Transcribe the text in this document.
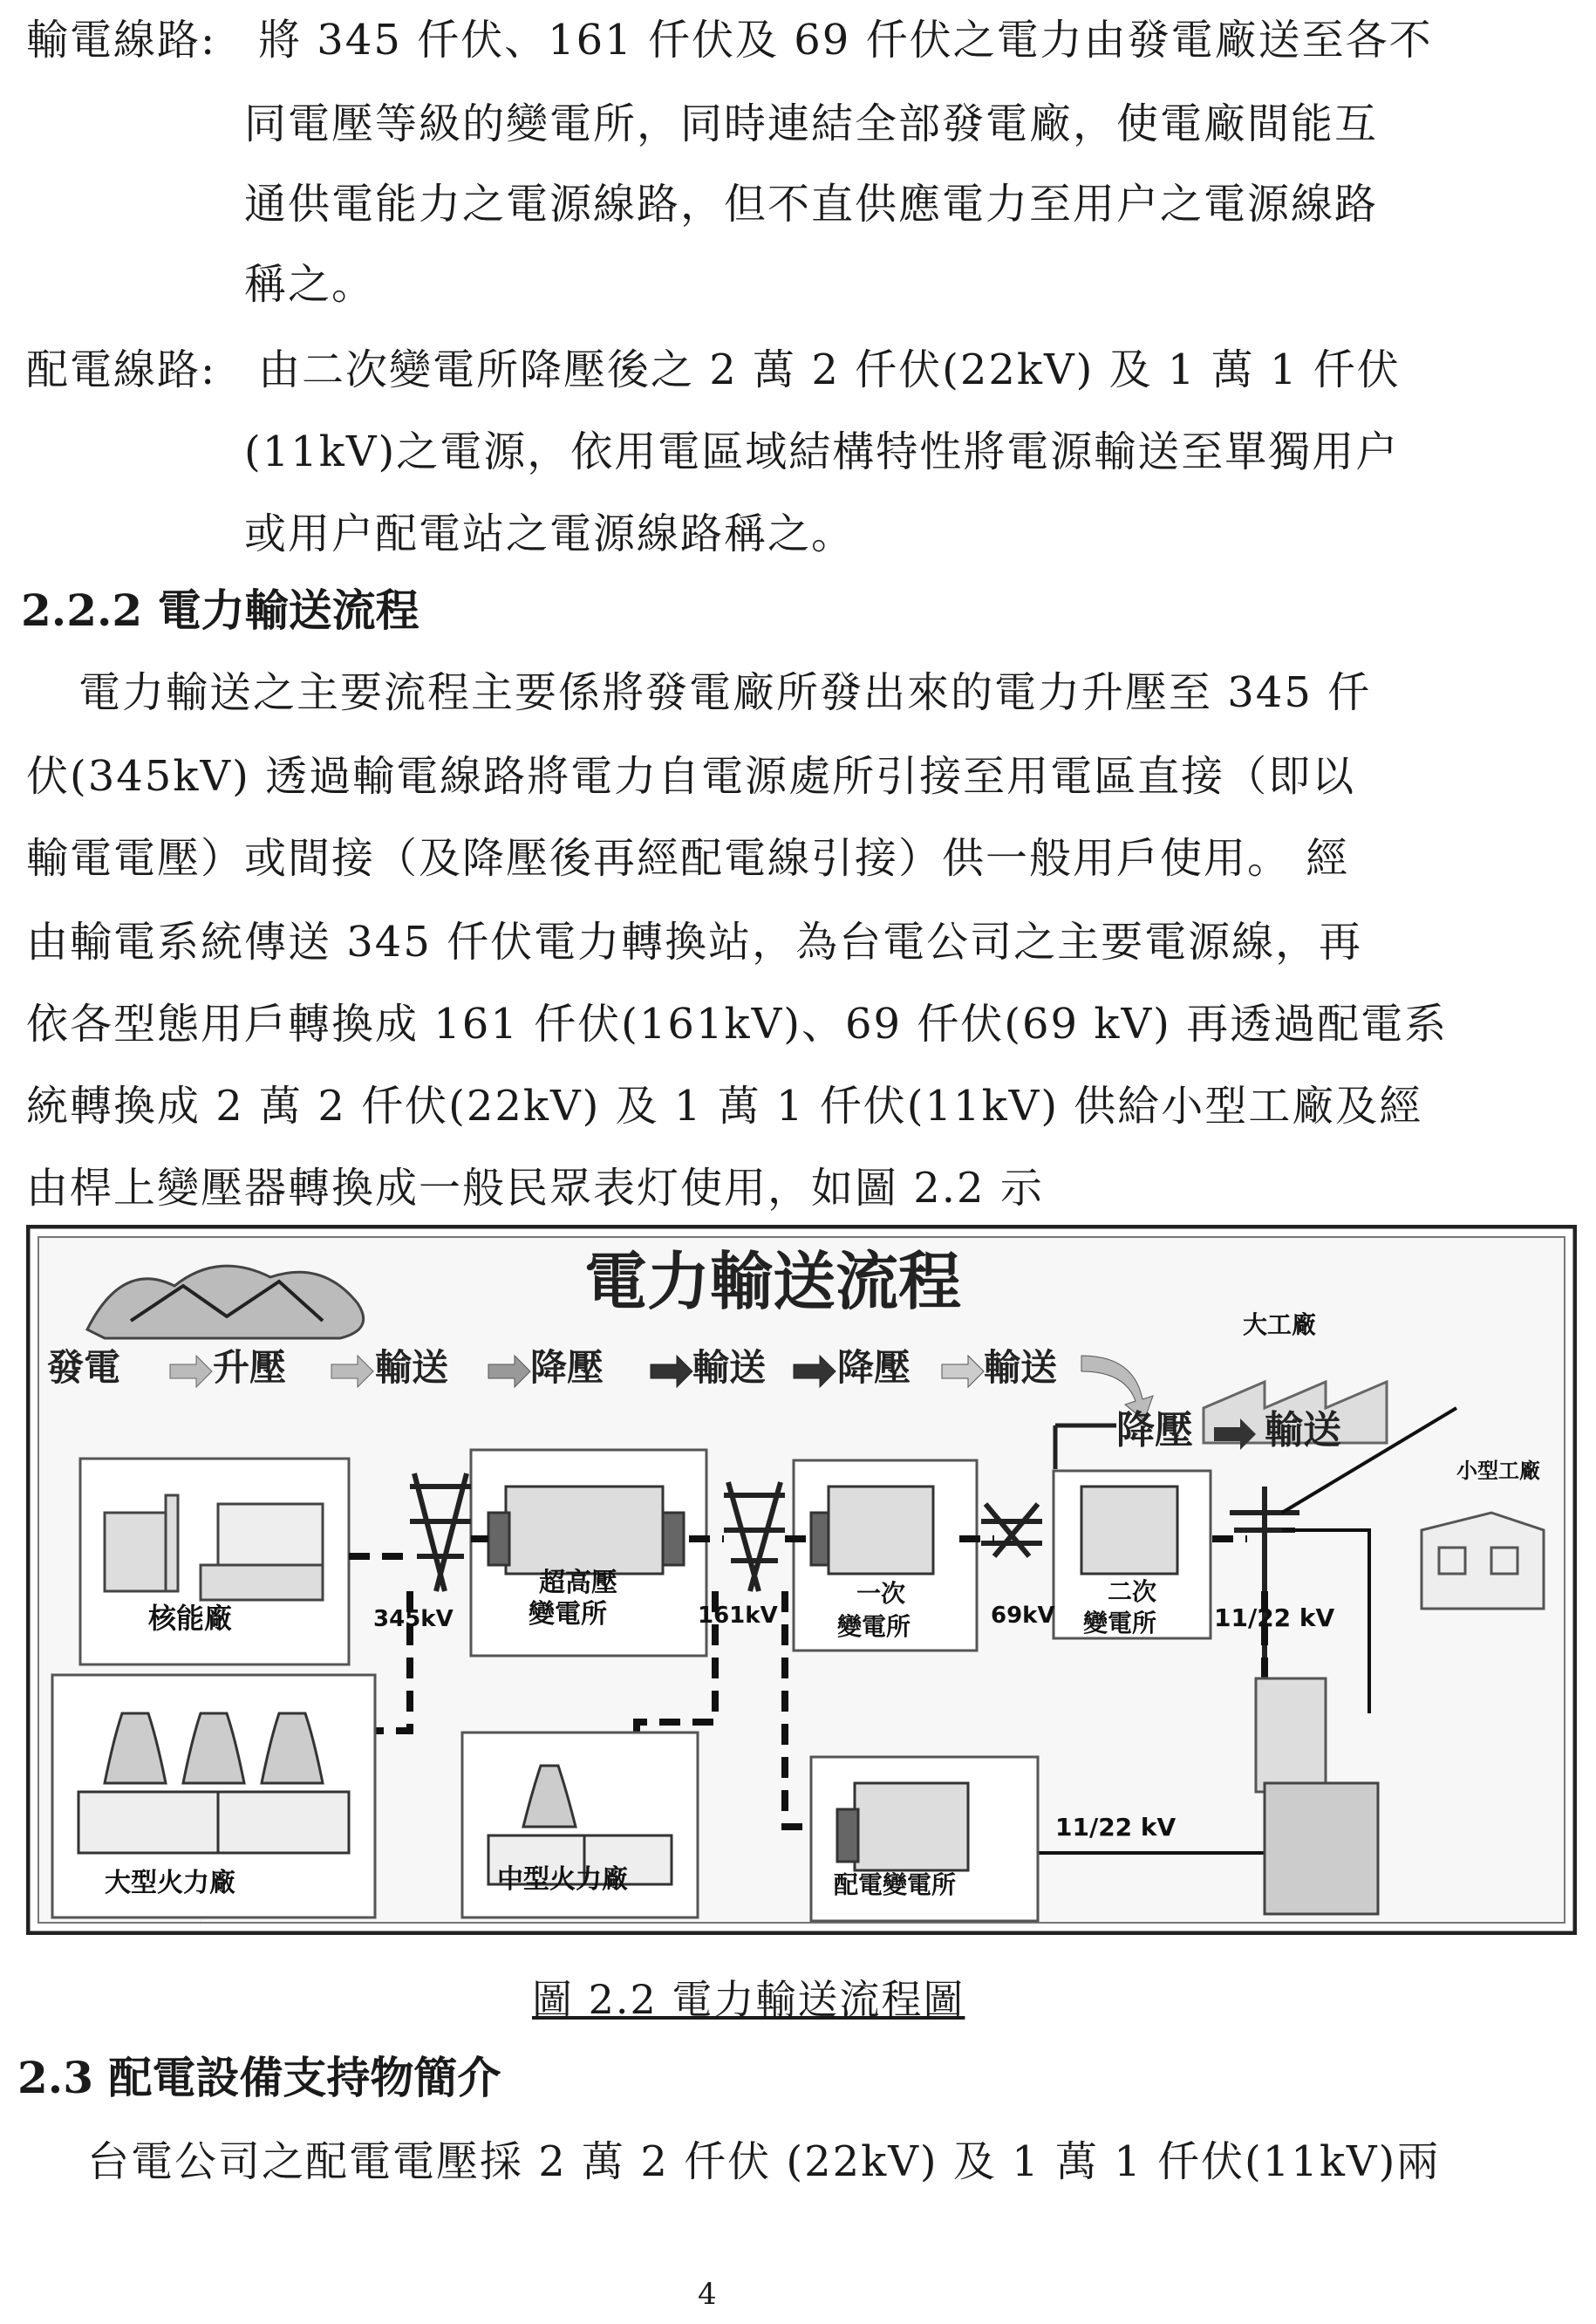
輸電線路: 將 345 仟伏、161 仟伏及 69 仟伏之電力由發電廠送至各不
同電壓等級的變電所，同時連結全部發電廠，使電廠間能互
通供電能力之電源線路，但不直供應電力至用户之電源線路
稱之。
配電線路: 由二次變電所降壓後之 2 萬 2 仟伏(22kV) 及 1 萬 1 仟伏
(11kV)之電源，依用電區域結構特性將電源輸送至單獨用户
或用户配電站之電源線路稱之。
2.2.2 電力輸送流程
電力輸送之主要流程主要係將發電廠所發出來的電力升壓至 345 仟
伏(345kV) 透過輸電線路將電力自電源處所引接至用電區直接（即以
輸電電壓）或間接（及降壓後再經配電線引接）供一般用戶使用。 經
由輸電系統傳送 345 仟伏電力轉換站，為台電公司之主要電源線，再
依各型態用戶轉換成 161 仟伏(161kV)、69 仟伏(69 kV) 再透過配電系
統轉換成 2 萬 2 仟伏(22kV) 及 1 萬 1 仟伏(11kV) 供給小型工廠及經
由桿上變壓器轉換成一般民眾表灯使用，如圖 2.2 示
電力輸送流程
發電	升壓 輸送 降壓 輸送 降壓 輸送
大工廠
降壓 輸送
核能廠
超高壓
變電所
一次
變電所
二次
變電所
345kV	161kV	69kV	11/22 kV
小型工廠
大型火力廠	中型火力廠	配電變電所
11/22 kV
圖 2.2 電力輸送流程圖
2.3 配電設備支持物簡介
台電公司之配電電壓採 2 萬 2 仟伏 (22kV) 及 1 萬 1 仟伏(11kV)兩
4
